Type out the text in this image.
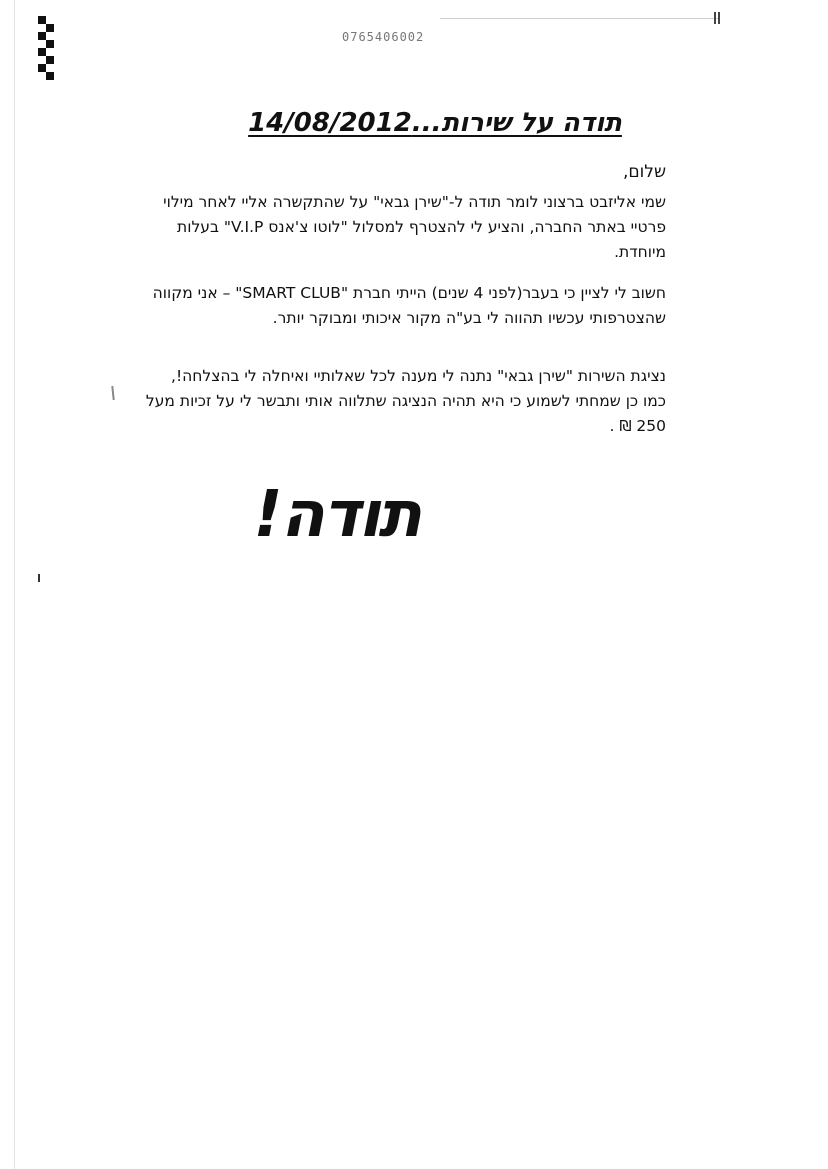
0765406002
תודה על שירות...14/08/2012

שלום,

שמי אליזבט ברצוני לומר תודה ל-"שירן גבאי" על שהתקשרה אליי לאחר מילוי פרטיי באתר החברה, והציע לי להצטרף למסלול "לוטו צ'אנס V.I.P" בעלות מיוחדת.

חשוב לי לציין כי בעבר(לפני 4 שנים) הייתי חברת "SMART CLUB" – אני מקווה שהצטרפותי עכשיו תהווה לי בע"ה מקור איכותי ומבוקר יותר.

נציגת השירות "שירן גבאי" נתנה לי מענה לכל שאלותיי ואיחלה לי בהצלחה!, כמו כן שמחתי לשמוע כי היא תהיה הנציגה שתלווה אותי ותבשר לי על זכיות מעל 250 ₪ .

תודה!
